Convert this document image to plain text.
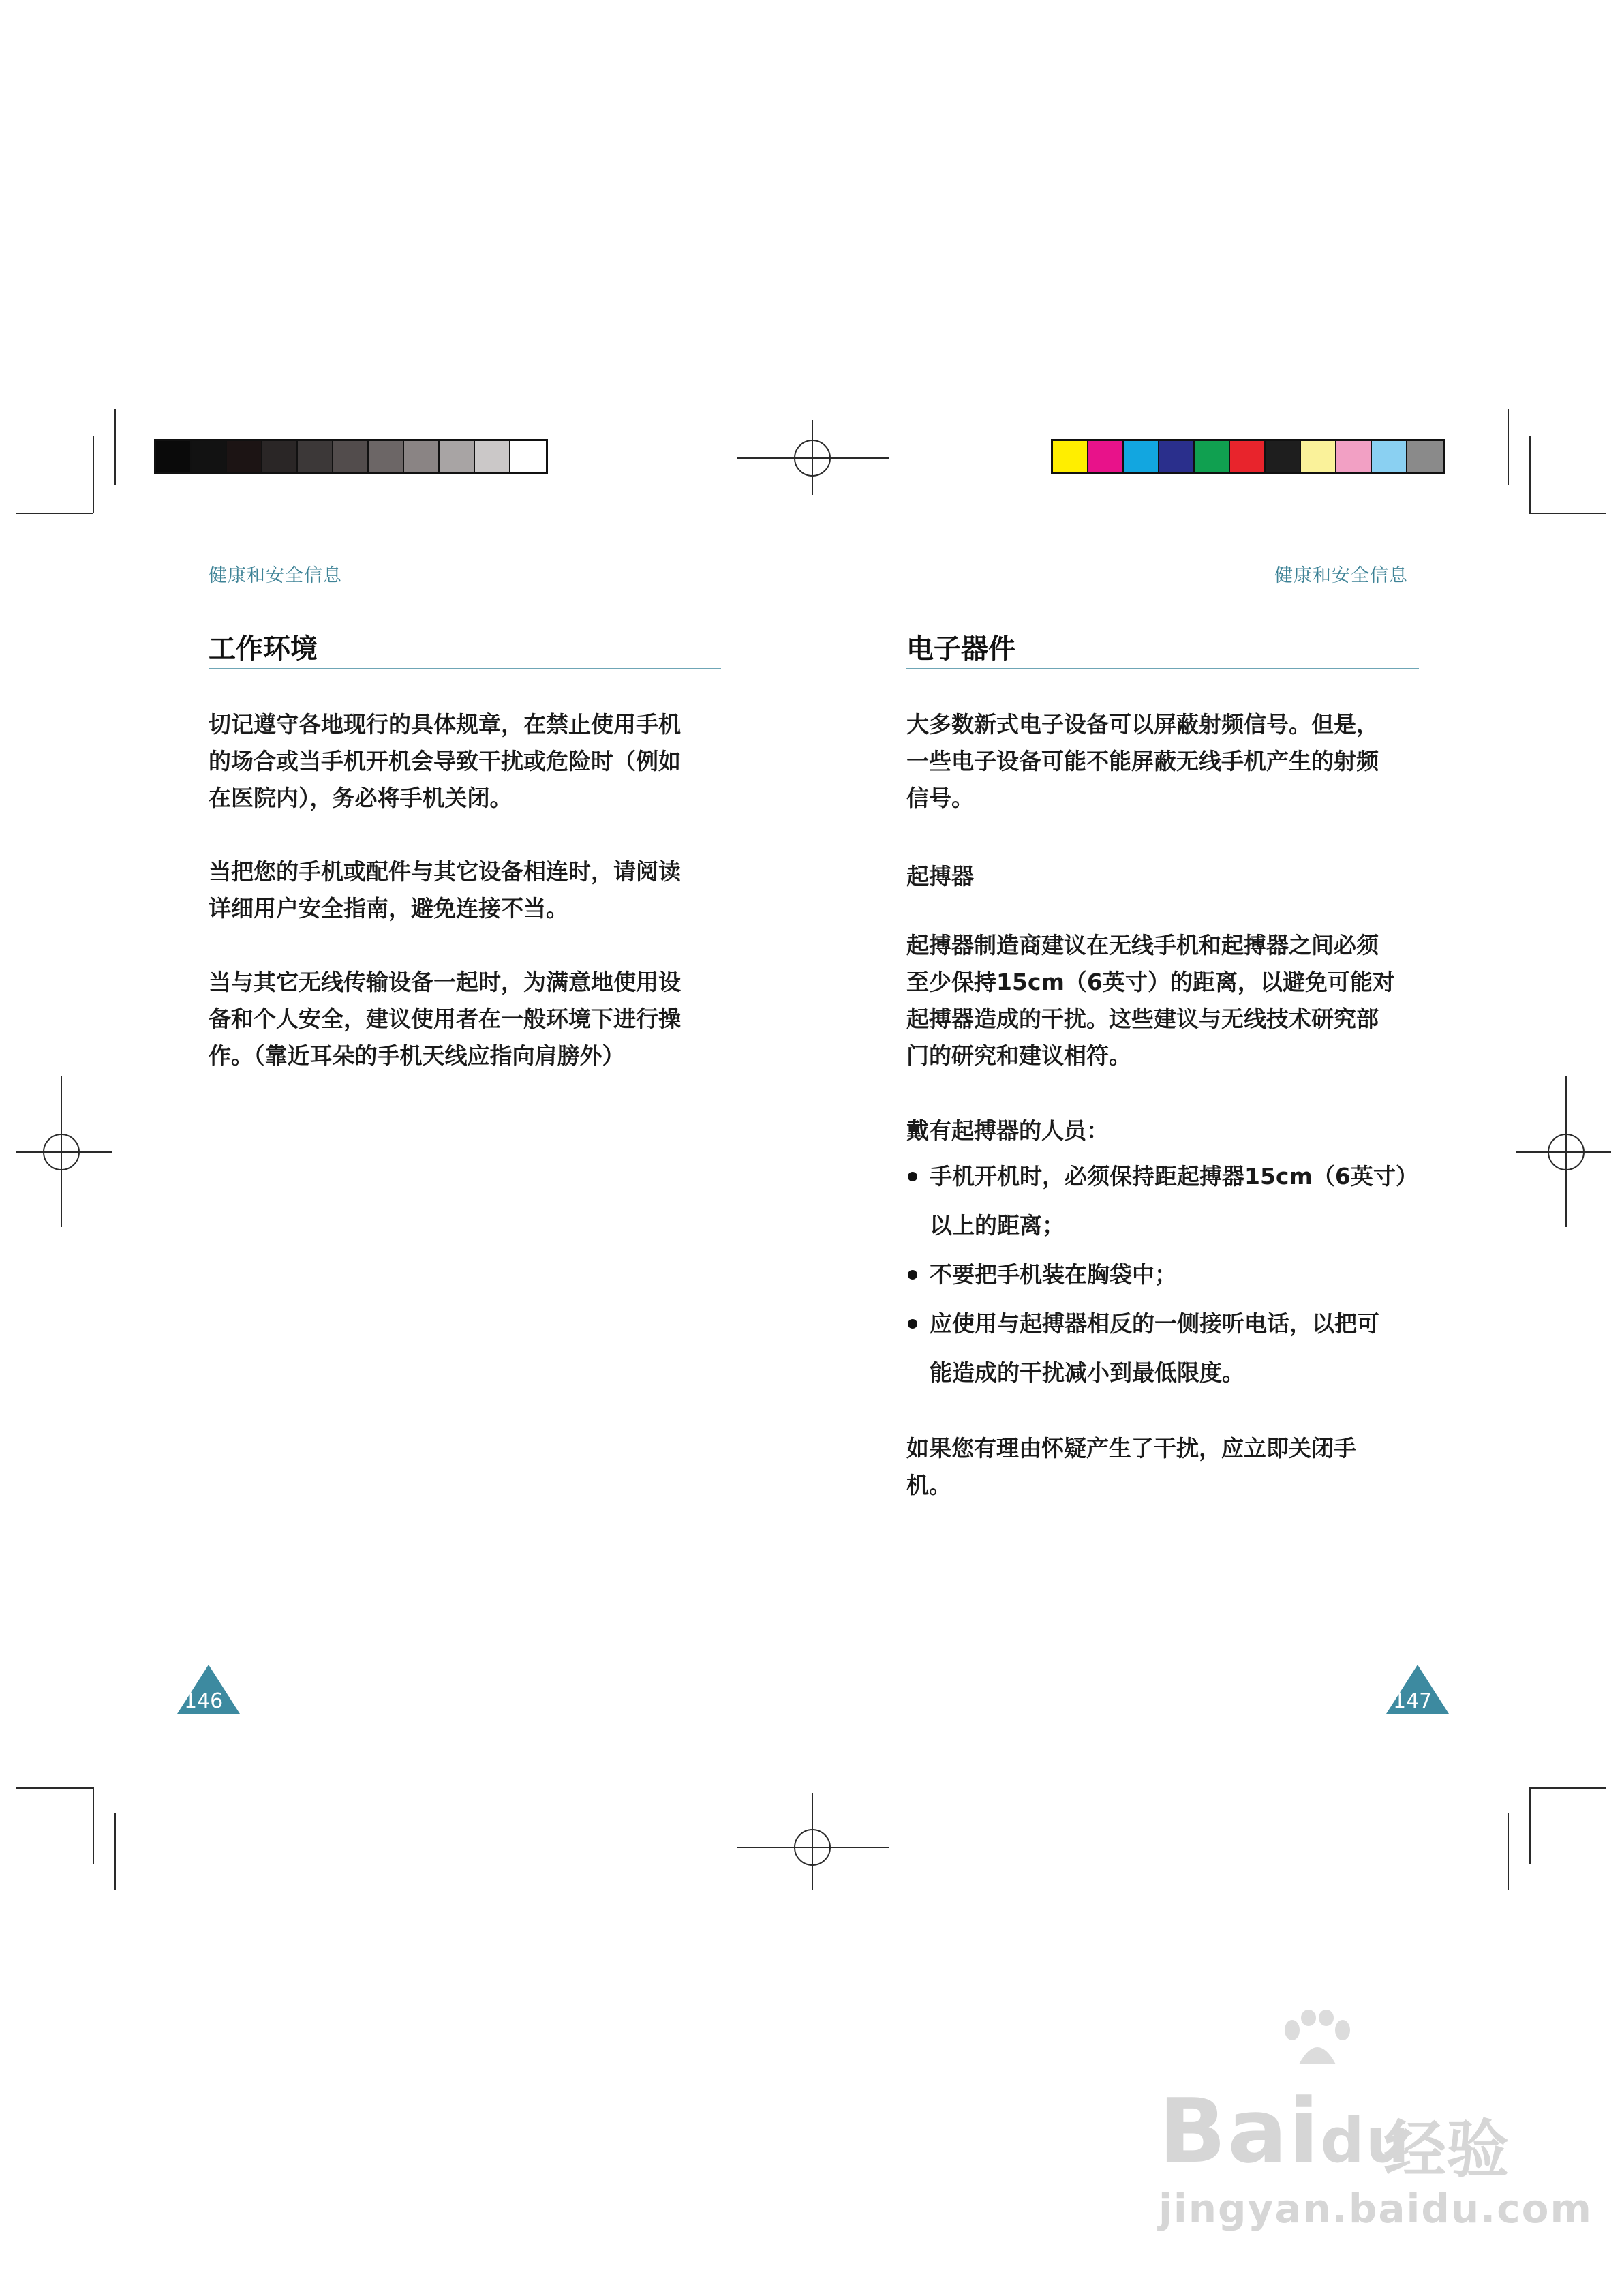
健康和安全信息
工作环境
切记遵守各地现行的具体规章，在禁止使用手机
的场合或当手机开机会导致干扰或危险时（例如
在医院内），务必将手机关闭。
当把您的手机或配件与其它设备相连时，请阅读
详细用户安全指南，避免连接不当。
当与其它无线传输设备一起时，为满意地使用设
备和个人安全，建议使用者在一般环境下进行操
作。（靠近耳朵的手机天线应指向肩膀外）
146
健康和安全信息
电子器件
大多数新式电子设备可以屏蔽射频信号。但是，
一些电子设备可能不能屏蔽无线手机产生的射频
信号。
起搏器
起搏器制造商建议在无线手机和起搏器之间必须
至少保持15cm（6英寸）的距离，以避免可能对
起搏器造成的干扰。这些建议与无线技术研究部
门的研究和建议相符。
戴有起搏器的人员：
手机开机时，必须保持距起搏器15cm（6英寸）
以上的距离；
不要把手机装在胸袋中；
应使用与起搏器相反的一侧接听电话，以把可
能造成的干扰减小到最低限度。
如果您有理由怀疑产生了干扰，应立即关闭手
机。
147
Baidu
经验
jingyan.baidu.com
